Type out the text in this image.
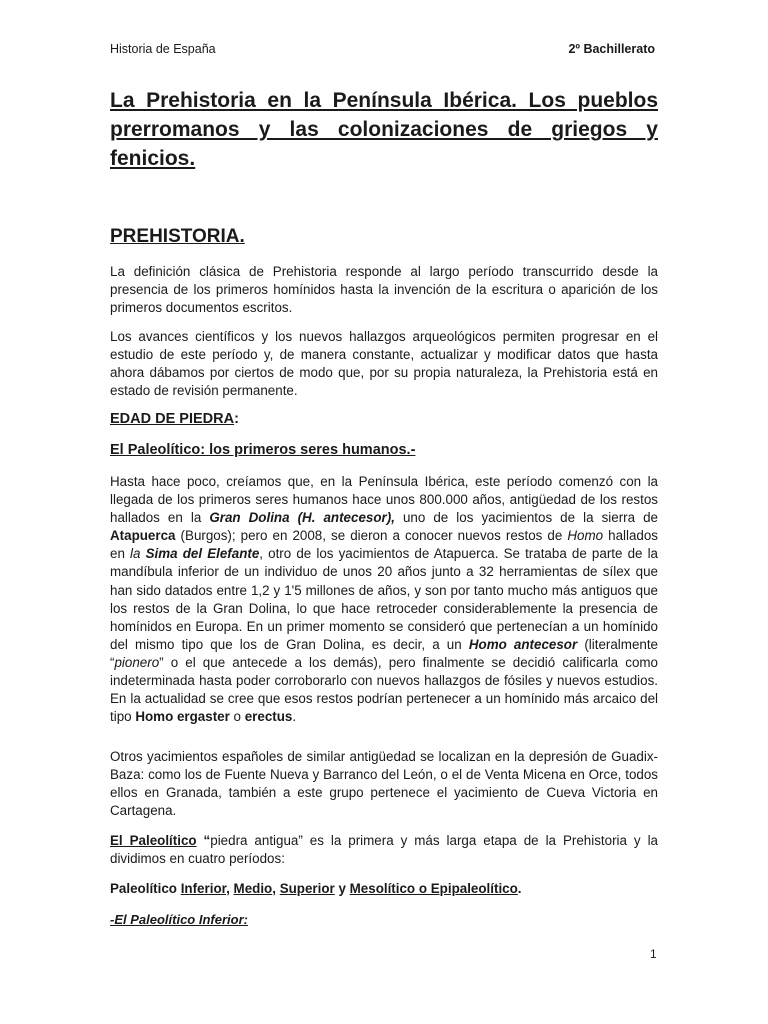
Historia de España	2º Bachillerato
La Prehistoria en la Península Ibérica. Los pueblos prerromanos y las colonizaciones de griegos y fenicios.
PREHISTORIA.
La definición clásica de Prehistoria responde al largo período transcurrido desde la presencia de los primeros homínidos hasta la invención de la escritura o aparición de los primeros documentos escritos.
Los avances científicos y los nuevos hallazgos arqueológicos permiten progresar en el estudio de este período y, de manera constante, actualizar y modificar datos que hasta ahora dábamos por ciertos de modo que, por su propia naturaleza, la Prehistoria está en estado de revisión permanente.
EDAD DE PIEDRA:
El Paleolítico: los primeros seres humanos.-
Hasta hace poco, creíamos que, en la Península Ibérica, este período comenzó con la llegada de los primeros seres humanos hace unos 800.000 años, antigüedad de los restos hallados en la Gran Dolina (H. antecesor), uno de los yacimientos de la sierra de Atapuerca (Burgos); pero en 2008, se dieron a conocer nuevos restos de Homo hallados en la Sima del Elefante, otro de los yacimientos de Atapuerca. Se trataba de parte de la mandíbula inferior de un individuo de unos 20 años junto a 32 herramientas de sílex que han sido datados entre 1,2 y 1'5 millones de años, y son por tanto mucho más antiguos que los restos de la Gran Dolina, lo que hace retroceder considerablemente la presencia de homínidos en Europa. En un primer momento se consideró que pertenecían a un homínido del mismo tipo que los de Gran Dolina, es decir, a un Homo antecesor (literalmente “pionero” o el que antecede a los demás), pero finalmente se decidió calificarla como indeterminada hasta poder corroborarlo con nuevos hallazgos de fósiles y nuevos estudios. En la actualidad se cree que esos restos podrían pertenecer a un homínido más arcaico del tipo Homo ergaster o erectus.
Otros yacimientos españoles de similar antigüedad se localizan en la depresión de Guadix-Baza: como los de Fuente Nueva y Barranco del León, o el de Venta Micena en Orce, todos ellos en Granada, también a este grupo pertenece el yacimiento de Cueva Victoria en Cartagena.
El Paleolítico “piedra antigua” es la primera y más larga etapa de la Prehistoria y la dividimos en cuatro períodos:
Paleolítico Inferior, Medio, Superior y Mesolítico o Epipaleolítico.
-El Paleolítico Inferior:
1
